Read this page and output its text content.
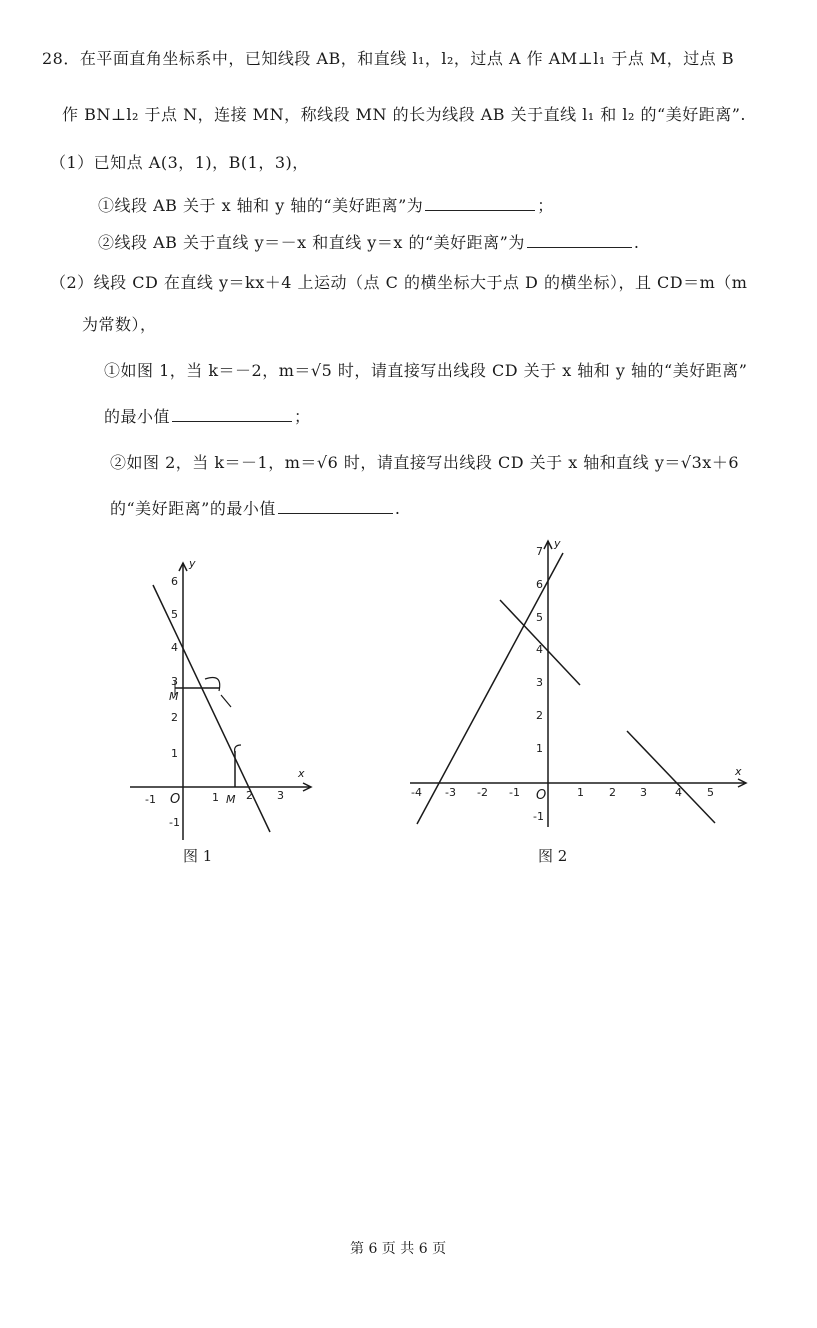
28．在平面直角坐标系中，已知线段 AB，和直线 l₁，l₂，过点 A 作 AM⊥l₁ 于点 M，过点 B
作 BN⊥l₂ 于点 N，连接 MN，称线段 MN 的长为线段 AB 关于直线 l₁ 和 l₂ 的“美好距离”.
（1）已知点 A(3，1)，B(1，3)，
①线段 AB 关于 x 轴和 y 轴的“美好距离”为	；
②线段 AB 关于直线 y＝－x 和直线 y＝x 的“美好距离”为	.
（2）线段 CD 在直线 y＝kx＋4 上运动（点 C 的横坐标大于点 D 的横坐标），且 CD＝m（m
为常数），
①如图 1，当 k＝－2，m＝√5 时，请直接写出线段 CD 关于 x 轴和 y 轴的“美好距离”
的最小值	；
②如图 2，当 k＝－1，m＝√6 时，请直接写出线段 CD 关于 x 轴和直线 y＝√3x＋6
的“美好距离”的最小值	.
y
x
O
-1	1 M 2 3
6
5
4
3
M
2
1
-1
图 1
y
x
O
-4 -3 -2 -1	1 2 3	4 5
7
6
5
4
3
2
1
-1
图 2
第 6 页 共 6 页
